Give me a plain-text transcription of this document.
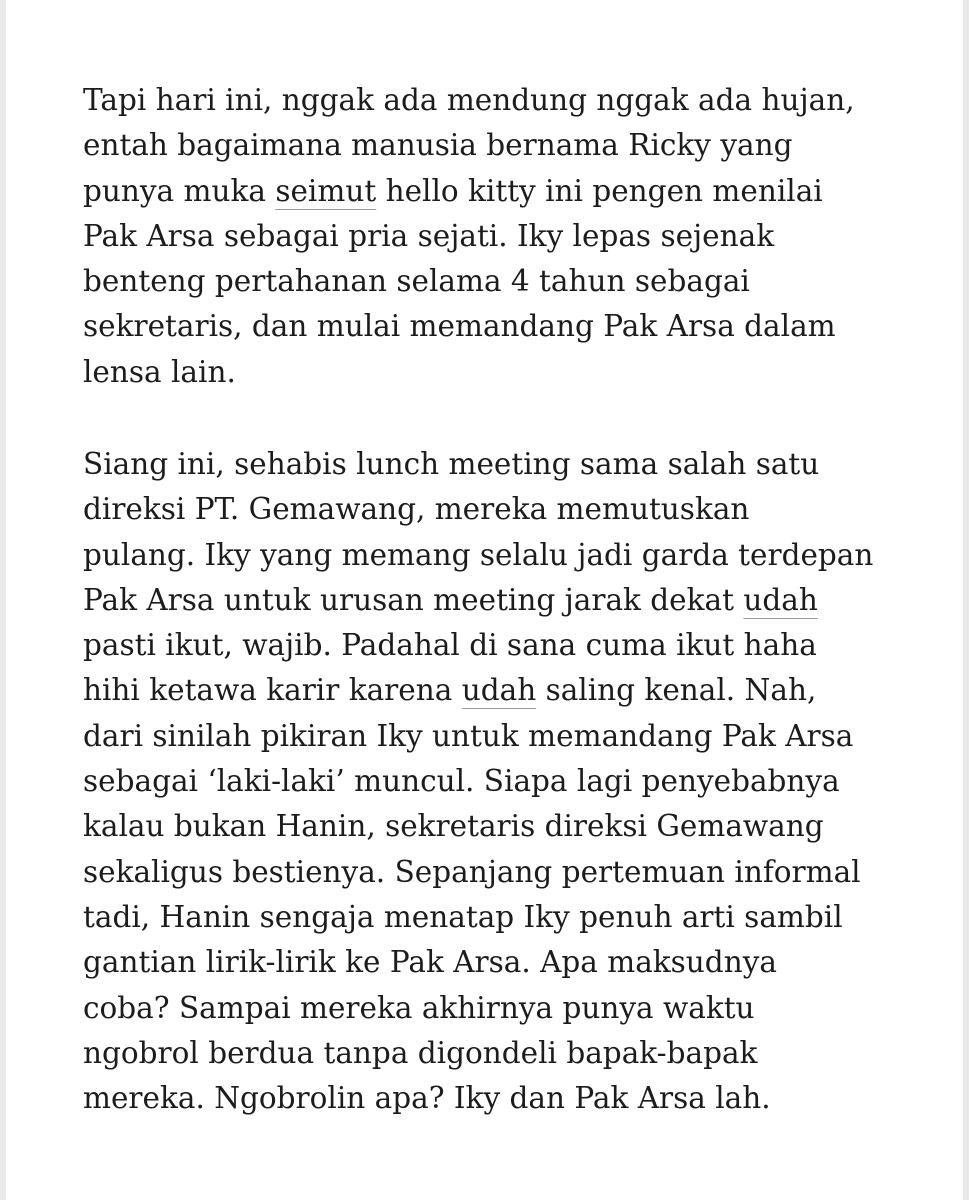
Tapi hari ini, nggak ada mendung nggak ada hujan,
entah bagaimana manusia bernama Ricky yang
punya muka seimut hello kitty ini pengen menilai
Pak Arsa sebagai pria sejati. Iky lepas sejenak
benteng pertahanan selama 4 tahun sebagai
sekretaris, dan mulai memandang Pak Arsa dalam
lensa lain.

Siang ini, sehabis lunch meeting sama salah satu
direksi PT. Gemawang, mereka memutuskan
pulang. Iky yang memang selalu jadi garda terdepan
Pak Arsa untuk urusan meeting jarak dekat udah
pasti ikut, wajib. Padahal di sana cuma ikut haha
hihi ketawa karir karena udah saling kenal. Nah,
dari sinilah pikiran Iky untuk memandang Pak Arsa
sebagai ‘laki-laki’ muncul. Siapa lagi penyebabnya
kalau bukan Hanin, sekretaris direksi Gemawang
sekaligus bestienya. Sepanjang pertemuan informal
tadi, Hanin sengaja menatap Iky penuh arti sambil
gantian lirik-lirik ke Pak Arsa. Apa maksudnya
coba? Sampai mereka akhirnya punya waktu
ngobrol berdua tanpa digondeli bapak-bapak
mereka. Ngobrolin apa? Iky dan Pak Arsa lah.
